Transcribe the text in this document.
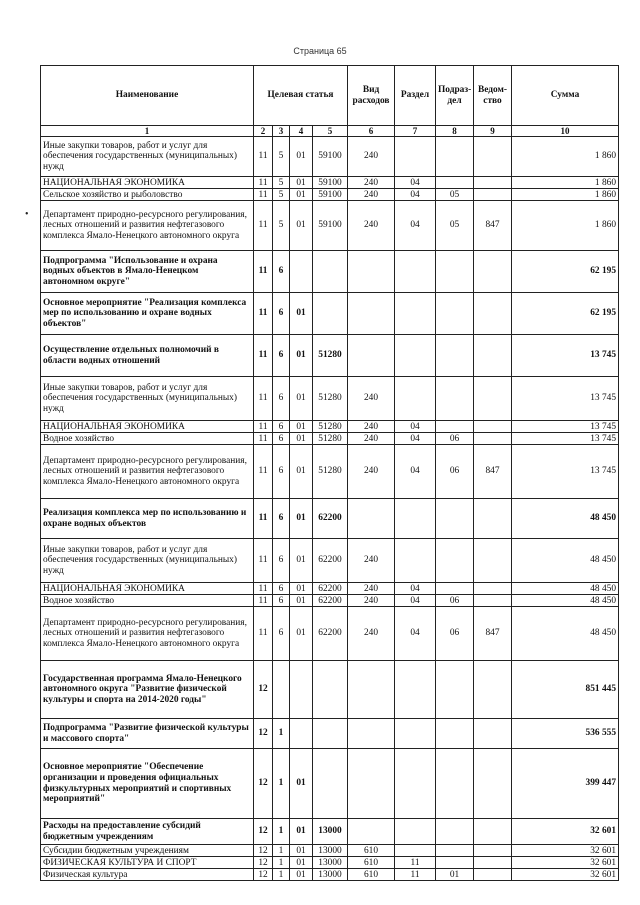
Страница 65
•
Наименование	Целевая статья				Вид расходов	Раздел	Подраз-дел	Ведом-ство	Сумма
1	2	3	4	5	6	7	8	9	10
Иные закупки товаров, работ и услуг для обеспечения государственных (муниципальных) нужд	11	5	01	59100	240				1 860
НАЦИОНАЛЬНАЯ ЭКОНОМИКА	11	5	01	59100	240	04			1 860
Сельское хозяйство и рыболовство	11	5	01	59100	240	04	05		1 860
Департамент природно-ресурсного регулирования, лесных отношений и развития нефтегазового комплекса Ямало-Ненецкого автономного округа	11	5	01	59100	240	04	05	847	1 860
Подпрограмма "Использование и охрана водных объектов в Ямало-Ненецком автономном округе"	11	6							62 195
Основное мероприятие "Реализация комплекса мер по использованию и охране водных объектов"	11	6	01						62 195
Осуществление отдельных полномочий в области водных отношений	11	6	01	51280					13 745
Иные закупки товаров, работ и услуг для обеспечения государственных (муниципальных) нужд	11	6	01	51280	240				13 745
НАЦИОНАЛЬНАЯ ЭКОНОМИКА	11	6	01	51280	240	04			13 745
Водное хозяйство	11	6	01	51280	240	04	06		13 745
Департамент природно-ресурсного регулирования, лесных отношений и развития нефтегазового комплекса Ямало-Ненецкого автономного округа	11	6	01	51280	240	04	06	847	13 745
Реализация комплекса мер по использованию и охране водных объектов	11	6	01	62200					48 450
Иные закупки товаров, работ и услуг для обеспечения государственных (муниципальных) нужд	11	6	01	62200	240				48 450
НАЦИОНАЛЬНАЯ ЭКОНОМИКА	11	6	01	62200	240	04			48 450
Водное хозяйство	11	6	01	62200	240	04	06		48 450
Департамент природно-ресурсного регулирования, лесных отношений и развития нефтегазового комплекса Ямало-Ненецкого автономного округа	11	6	01	62200	240	04	06	847	48 450
Государственная программа Ямало-Ненецкого автономного округа "Развитие физической культуры и спорта на 2014-2020 годы"	12								851 445
Подпрограмма "Развитие физической культуры и массового спорта"	12	1							536 555
Основное мероприятие "Обеспечение организации и проведения официальных физкультурных мероприятий и спортивных мероприятий"	12	1	01						399 447
Расходы на предоставление субсидий бюджетным учреждениям	12	1	01	13000					32 601
Субсидии бюджетным учреждениям	12	1	01	13000	610				32 601
ФИЗИЧЕСКАЯ КУЛЬТУРА И СПОРТ	12	1	01	13000	610	11			32 601
Физическая культура	12	1	01	13000	610	11	01		32 601
